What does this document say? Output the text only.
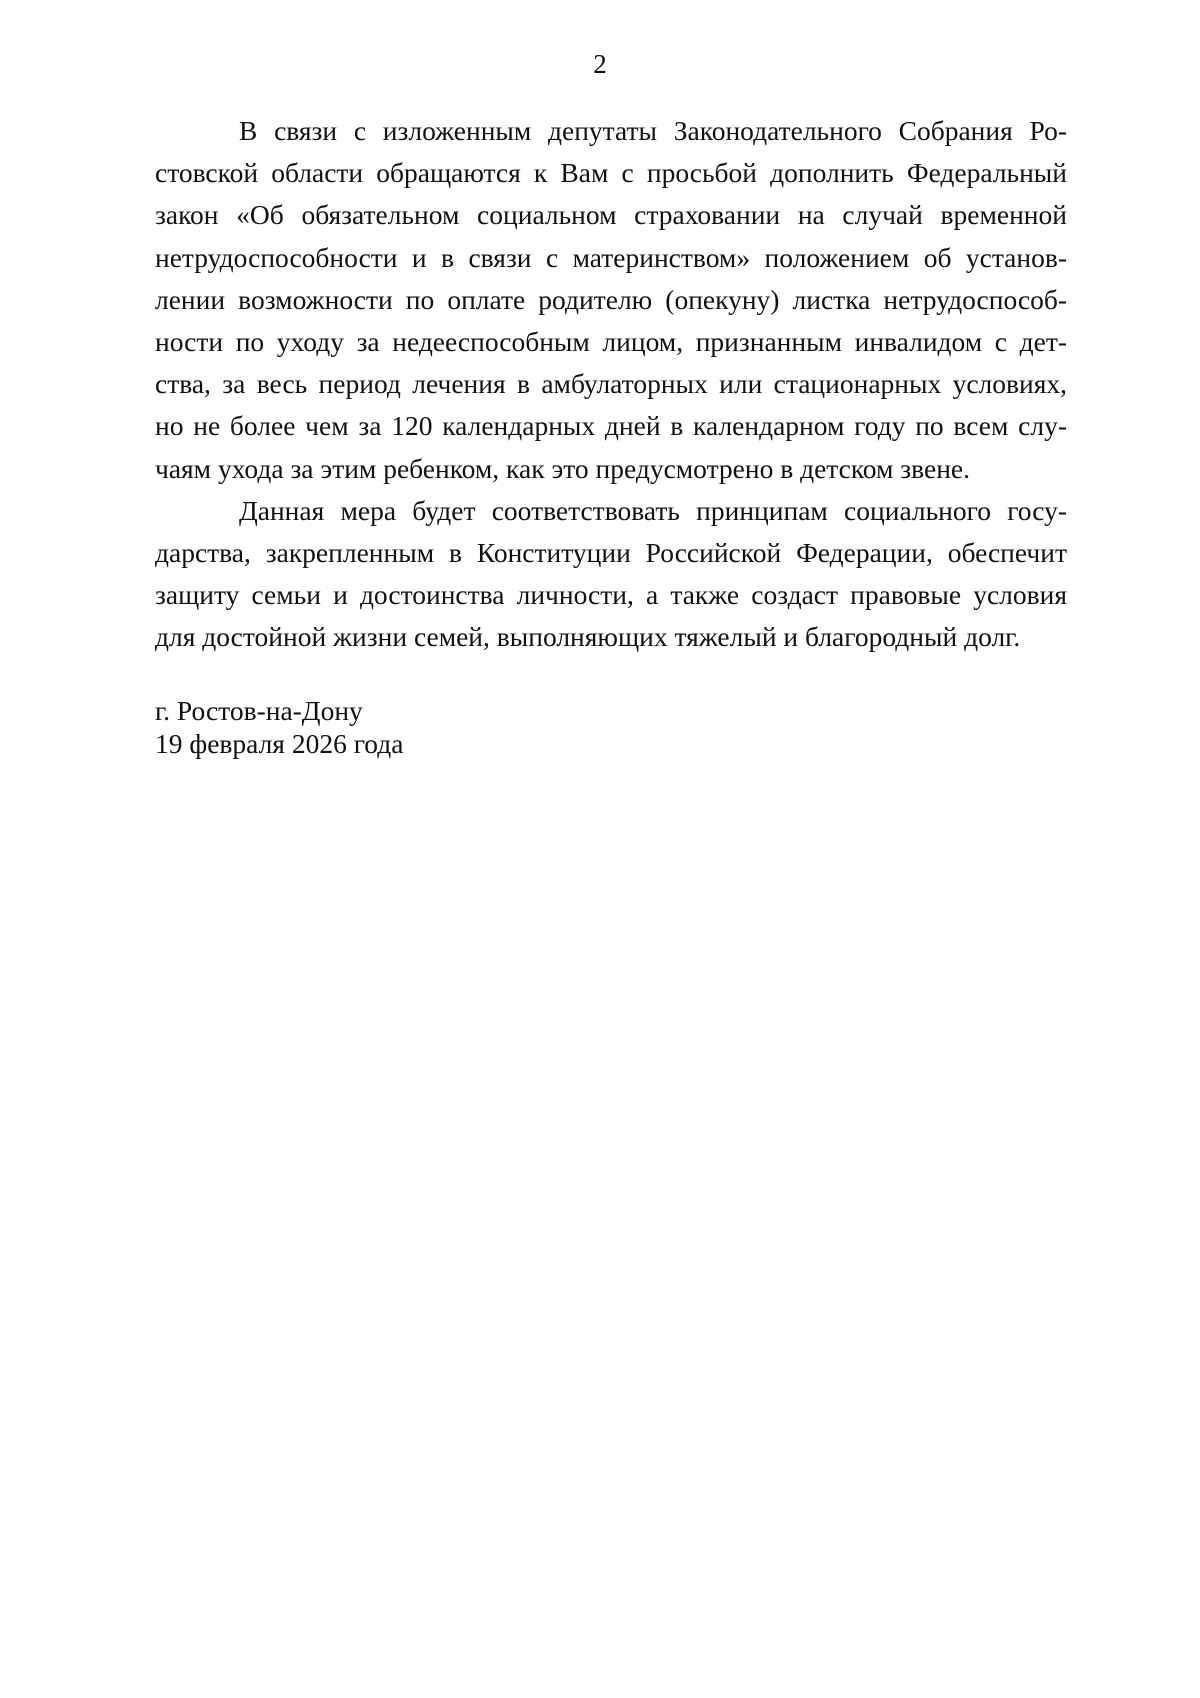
2
В связи с изложенным депутаты Законодательного Собрания Ро-
стовской области обращаются к Вам с просьбой дополнить Федеральный
закон «Об обязательном социальном страховании на случай временной
нетрудоспособности и в связи с материнством» положением об установ-
лении возможности по оплате родителю (опекуну) листка нетрудоспособ-
ности по уходу за недееспособным лицом, признанным инвалидом с дет-
ства, за весь период лечения в амбулаторных или стационарных условиях,
но не более чем за 120 календарных дней в календарном году по всем слу-
чаям ухода за этим ребенком, как это предусмотрено в детском звене.
Данная мера будет соответствовать принципам социального госу-
дарства, закрепленным в Конституции Российской Федерации, обеспечит
защиту семьи и достоинства личности, а также создаст правовые условия
для достойной жизни семей, выполняющих тяжелый и благородный долг.
г. Ростов-на-Дону
19 февраля 2026 года
